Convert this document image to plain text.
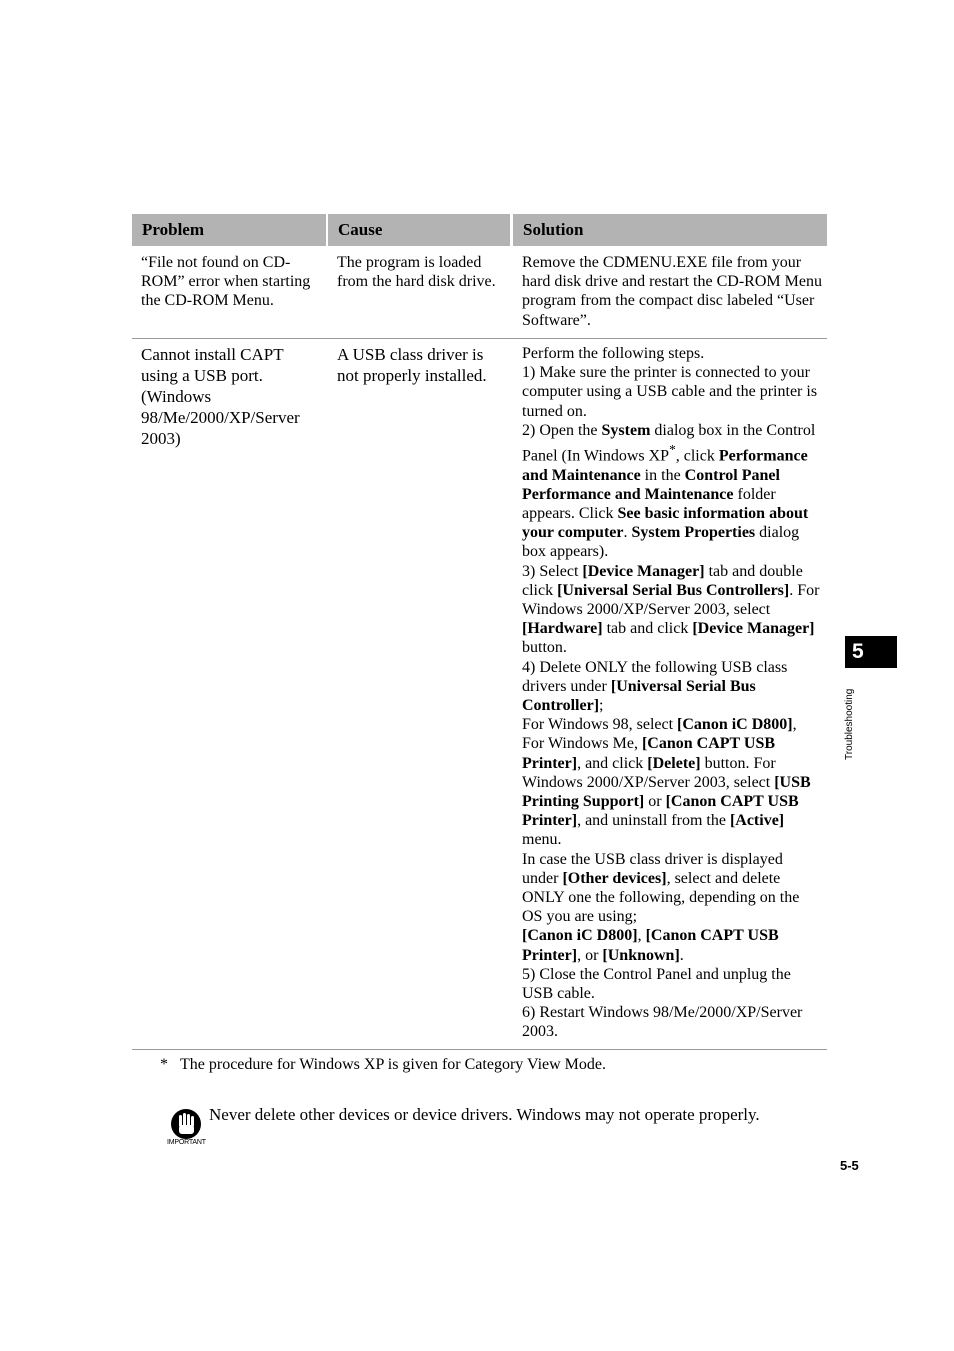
Problem	Cause	Solution
“File not found on CD-ROM” error when starting the CD-ROM Menu.
The program is loaded from the hard disk drive.
Remove the CDMENU.EXE file from your hard disk drive and restart the CD-ROM Menu program from the compact disc labeled “User Software”.
Cannot install CAPT using a USB port. (Windows 98/Me/2000/XP/Server 2003)
A USB class driver is not properly installed.
Perform the following steps.
1) Make sure the printer is connected to your computer using a USB cable and the printer is turned on.
2) Open the System dialog box in the Control Panel (In Windows XP*, click Performance and Maintenance in the Control Panel Performance and Maintenance folder appears. Click See basic information about your computer. System Properties dialog box appears).
3) Select [Device Manager] tab and double click [Universal Serial Bus Controllers]. For Windows 2000/XP/Server 2003, select [Hardware] tab and click [Device Manager] button.
4) Delete ONLY the following USB class drivers under [Universal Serial Bus Controller];
For Windows 98, select [Canon iC D800], For Windows Me, [Canon CAPT USB Printer], and click [Delete] button. For Windows 2000/XP/Server 2003, select [USB Printing Support] or [Canon CAPT USB Printer], and uninstall from the [Active] menu.
In case the USB class driver is displayed under [Other devices], select and delete ONLY one the following, depending on the OS you are using;
[Canon iC D800], [Canon CAPT USB Printer], or [Unknown].
5) Close the Control Panel and unplug the USB cable.
6) Restart Windows 98/Me/2000/XP/Server 2003.
* The procedure for Windows XP is given for Category View Mode.
IMPORTANT
Never delete other devices or device drivers. Windows may not operate properly.
5
Troubleshooting
5-5
